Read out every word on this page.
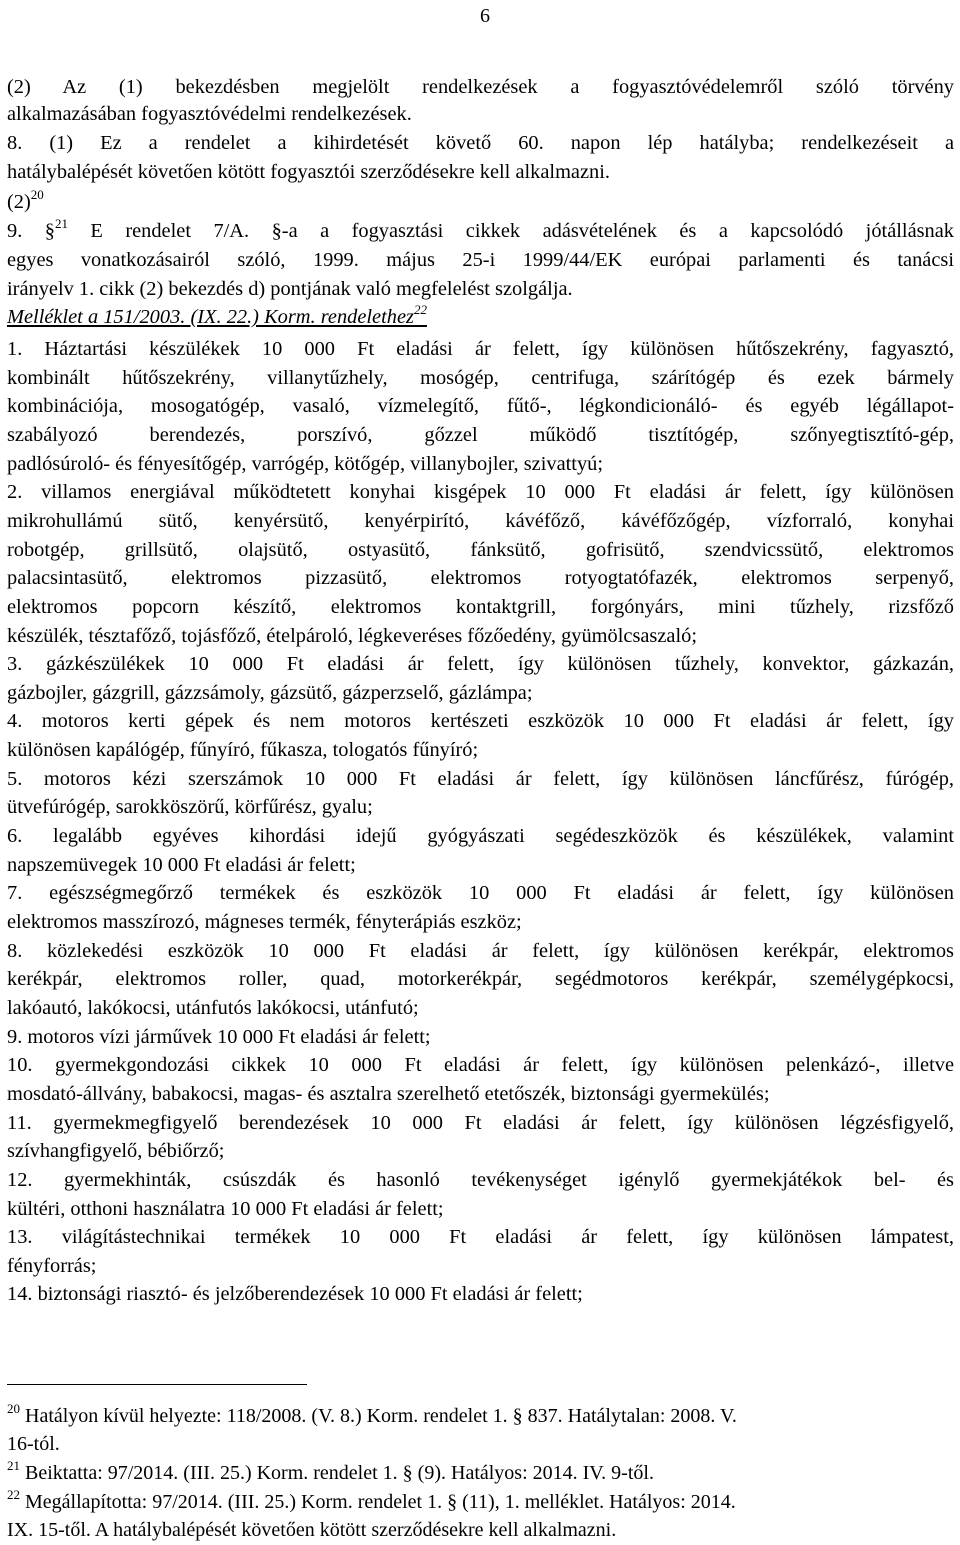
6
(2) Az (1) bekezdésben megjelölt rendelkezések a fogyasztóvédelemről szóló törvény
alkalmazásában fogyasztóvédelmi rendelkezések.
8. (1) Ez a rendelet a kihirdetését követő 60. napon lép hatályba; rendelkezéseit a
hatálybalépését követően kötött fogyasztói szerződésekre kell alkalmazni.
$(2)^{20}$
9. §$^{21}$ E rendelet 7/A. §-a a fogyasztási cikkek adásvételének és a kapcsolódó jótállásnak
egyes vonatkozásairól szóló, 1999. május 25-i 1999/44/EK európai parlamenti és tanácsi
irányelv 1. cikk (2) bekezdés d) pontjának való megfelelést szolgálja.
Melléklet a 151/2003. (IX. 22.) Korm. rendelethez$^{22}$
1. Háztartási készülékek 10 000 Ft eladási ár felett, így különösen hűtőszekrény, fagyasztó,
kombinált hűtőszekrény, villanytűzhely, mosógép, centrifuga, szárítógép és ezek bármely
kombinációja, mosogatógép, vasaló, vízmelegítő, fűtő-, légkondicionáló- és egyéb légállapot-
szabályozó berendezés, porszívó, gőzzel működő tisztítógép, szőnyegtisztító-gép,
padlósúroló- és fényesítőgép, varrógép, kötőgép, villanybojler, szivattyú;
2. villamos energiával működtetett konyhai kisgépek 10 000 Ft eladási ár felett, így különösen
mikrohullámú sütő, kenyérsütő, kenyérpirító, kávéfőző, kávéfőzőgép, vízforraló, konyhai
robotgép, grillsütő, olajsütő, ostyasütő, fánksütő, gofrisütő, szendvicssütő, elektromos
palacsintasütő, elektromos pizzasütő, elektromos rotyogtatófazék, elektromos serpenyő,
elektromos popcorn készítő, elektromos kontaktgrill, forgónyárs, mini tűzhely, rizsfőző
készülék, tésztafőző, tojásfőző, ételpároló, légkeveréses főzőedény, gyümölcsaszaló;
3. gázkészülékek 10 000 Ft eladási ár felett, így különösen tűzhely, konvektor, gázkazán,
gázbojler, gázgrill, gázzsámoly, gázsütő, gázperzselő, gázlámpa;
4. motoros kerti gépek és nem motoros kertészeti eszközök 10 000 Ft eladási ár felett, így
különösen kapálógép, fűnyíró, fűkasza, tologatós fűnyíró;
5. motoros kézi szerszámok 10 000 Ft eladási ár felett, így különösen láncfűrész, fúrógép,
ütvefúrógép, sarokköszörű, körfűrész, gyalu;
6. legalább egyéves kihordási idejű gyógyászati segédeszközök és készülékek, valamint
napszemüvegek 10 000 Ft eladási ár felett;
7. egészségmegőrző termékek és eszközök 10 000 Ft eladási ár felett, így különösen
elektromos masszírozó, mágneses termék, fényterápiás eszköz;
8. közlekedési eszközök 10 000 Ft eladási ár felett, így különösen kerékpár, elektromos
kerékpár, elektromos roller, quad, motorkerékpár, segédmotoros kerékpár, személygépkocsi,
lakóautó, lakókocsi, utánfutós lakókocsi, utánfutó;
9. motoros vízi járművek 10 000 Ft eladási ár felett;
10. gyermekgondozási cikkek 10 000 Ft eladási ár felett, így különösen pelenkázó-, illetve
mosdató-állvány, babakocsi, magas- és asztalra szerelhető etetőszék, biztonsági gyermekülés;
11. gyermekmegfigyelő berendezések 10 000 Ft eladási ár felett, így különösen légzésfigyelő,
szívhangfigyelő, bébiőrző;
12. gyermekhinták, csúszdák és hasonló tevékenységet igénylő gyermekjátékok bel- és
kültéri, otthoni használatra 10 000 Ft eladási ár felett;
13. világítástechnikai termékek 10 000 Ft eladási ár felett, így különösen lámpatest,
fényforrás;
14. biztonsági riasztó- és jelzőberendezések 10 000 Ft eladási ár felett;
$^{20}$ Hatályon kívül helyezte: 118/2008. (V. 8.) Korm. rendelet 1. § 837. Hatálytalan: 2008. V.
16-tól.
$^{21}$ Beiktatta: 97/2014. (III. 25.) Korm. rendelet 1. § (9). Hatályos: 2014. IV. 9-től.
$^{22}$ Megállapította: 97/2014. (III. 25.) Korm. rendelet 1. § (11), 1. melléklet. Hatályos: 2014.
IX. 15-től. A hatálybalépését követően kötött szerződésekre kell alkalmazni.
